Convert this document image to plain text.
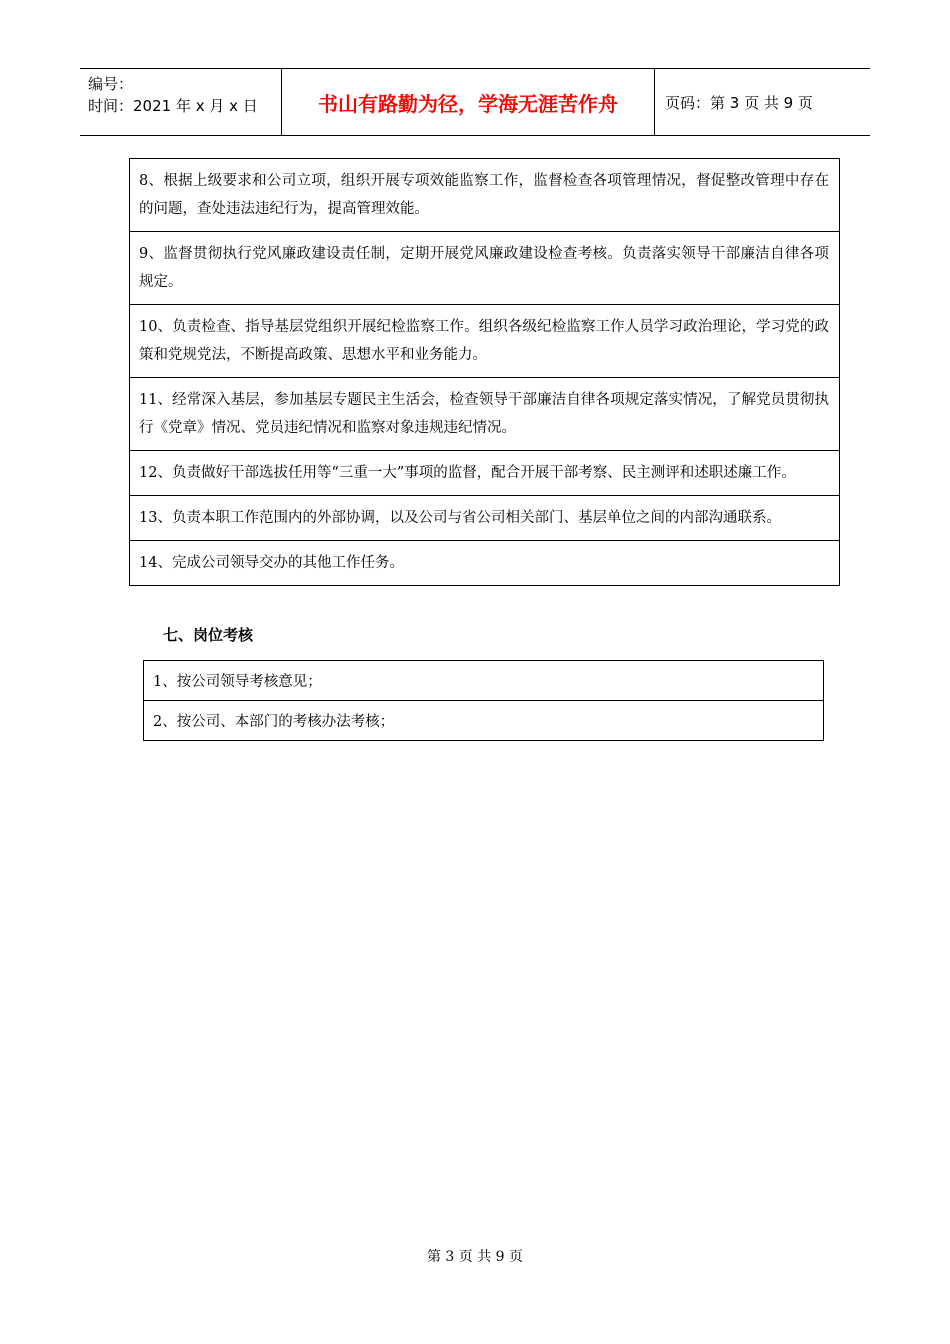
编号：
时间：2021 年 x 月 x 日	书山有路勤为径，学海无涯苦作舟	页码：第 3 页 共 9 页
8、根据上级要求和公司立项，组织开展专项效能监察工作，监督检查各项管理情况，督促整改管理中存在的问题，查处违法违纪行为，提高管理效能。
9、监督贯彻执行党风廉政建设责任制，定期开展党风廉政建设检查考核。负责落实领导干部廉洁自律各项规定。
10、负责检查、指导基层党组织开展纪检监察工作。组织各级纪检监察工作人员学习政治理论，学习党的政策和党规党法，不断提高政策、思想水平和业务能力。
11、经常深入基层，参加基层专题民主生活会，检查领导干部廉洁自律各项规定落实情况，了解党员贯彻执行《党章》情况、党员违纪情况和监察对象违规违纪情况。
12、负责做好干部选拔任用等“三重一大”事项的监督，配合开展干部考察、民主测评和述职述廉工作。
13、负责本职工作范围内的外部协调，以及公司与省公司相关部门、基层单位之间的内部沟通联系。
14、完成公司领导交办的其他工作任务。
七、岗位考核
1、按公司领导考核意见；
2、按公司、本部门的考核办法考核；
第 3 页 共 9 页
